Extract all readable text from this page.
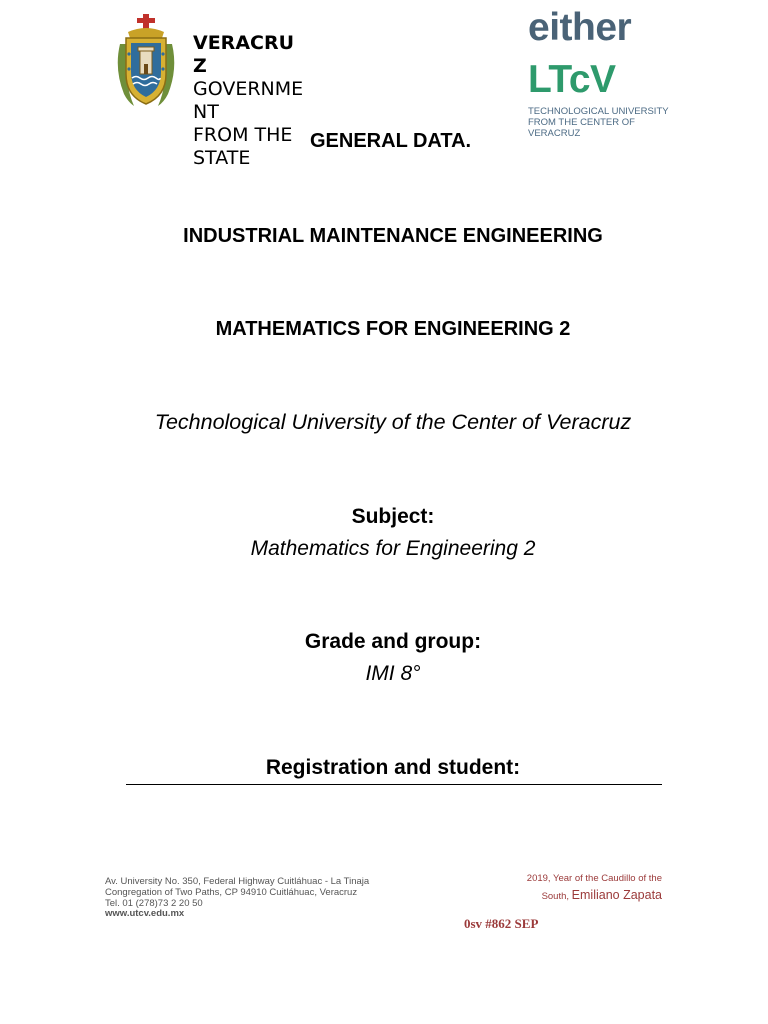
VERACRU
Z
GOVERNME
NT
FROM THE
STATE
GENERAL DATA.
either
LTcV
TECHNOLOGICAL UNIVERSITY FROM THE CENTER OF VERACRUZ
INDUSTRIAL MAINTENANCE ENGINEERING
MATHEMATICS FOR ENGINEERING 2
Technological University of the Center of Veracruz
Subject:
Mathematics for Engineering 2
Grade and group:
IMI 8°
Registration and student:
Av. University No. 350, Federal Highway Cuitláhuac - La Tinaja
Congregation of Two Paths, CP 94910 Cuitláhuac, Veracruz
Tel. 01 (278)73 2 20 50
www.utcv.edu.mx
2019, Year of the Caudillo of the
South, Emiliano Zapata
0sv #862 SEP
